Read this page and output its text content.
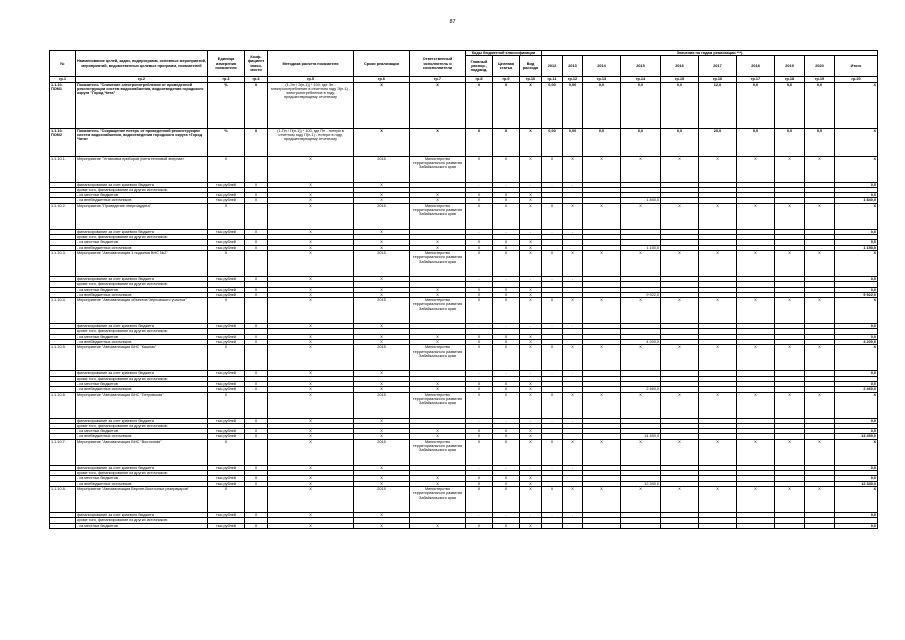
87
№	Наименование целей, задач, подпрограмм, основных мероприятий, мероприятий, ведомственных целевых программ, показателей	Единица измерения показателя	Коэф-фициент значи-мости	Методика расчета показателя	Сроки реализации	Ответственный исполнитель и соисполнители	Коды бюджетной классификации			Значения по годам реализации ***)									
							Главный распор., подразд.	Целевая статья	Вид расхода	2012	2013	2014	2015	2016	2017	2018	2019	2020	Итого
гр.1	гр.2	гр.3	гр.4	гр.5	гр.6	гр.7	гр.8	гр.9	гр.10	гр.11	гр.12	гр.13	гр.14	гр.15	гр.16	гр.17	гр.18	гр.19	гр.20
1.1.10. ПОМ1	Показатель "Снижение электропотребления от проведенной реконструкции систем водоснабжения, водоотведения городского округа "Город Чита"	%	Х	(1-Эп / Э(п-1)) * 100, где Эп - электропотребление в отчетном году Э(п-1) - электропотребление в году, предшествующему отчетному	Х	Х	Х	Х	Х	0,00	0,00	0,0	0,0	0,0	12,0	0,0	0,0	0,0	Х
1.1.10. ПОМ2	Показатель "Сокращение потерь от проведенной реконструкции систем водоснабжения, водоотведения городского округа «Город Чита»	%	Х	(1-Пп / П(п-1)) * 100, где Пп - потери в отчетном году П(п-1) - потери в году, предшествующему отчетному	Х	Х	Х	Х	Х	0,00	0,00	0,0	0,0	0,0	20,0	0,0	0,0	0,0	Х
1.1.10.1.	Мероприятие "Установка приборов учета тепловой энергии»	Х		Х	2015	Министерство территориального развития Забайкальского края	Х	Х	Х	Х	Х	Х	Х	Х	Х	Х	Х	Х	Х
	финансирование за счет краевого бюджета	тыс.рублей	Х	Х	Х		-	-	-	-	-								0,0
	кроме того, финансирование из других источников:																		
	- из местных бюджетов	тыс.рублей	Х	Х	Х	Х	Х	Х	Х										0,0
	- из внебюджетных источников	тыс.рублей	Х	Х	Х	Х	Х	Х	Х				1 840,0						1 840,0
1.1.10.2.	Мероприятие "Проведение энергоаудита"	Х		Х	2015	Министерство территориального развития Забайкальского края	Х	Х	Х	Х	Х	Х	Х	Х	Х	Х	Х	Х	Х
	финансирование за счет краевого бюджета	тыс.рублей	Х	Х	Х		-	-	-	-	-								0,0
	кроме того, финансирование из других источников:																		
	- из местных бюджетов	тыс.рублей	Х	Х	Х	Х	Х	Х	Х										0,0
	- из внебюджетных источников	тыс.рублей	Х	Х	Х	Х	Х	Х	Х				1 150,0						1 150,0
1.1.10.3.	Мероприятие "Автоматизация 1 подъема ВНС №2"	Х		Х	2015	Министерство территориального развития Забайкальского края	Х	Х	Х	Х	Х	Х	Х	Х	Х	Х	Х	Х	Х
	финансирование за счет краевого бюджета	тыс.рублей	Х	Х	Х		-	-	-	-	-								0,0
	кроме того, финансирование из других источников:																		
	- из местных бюджетов	тыс.рублей	Х	Х	Х	Х	Х	Х	Х										0,0
	- из внебюджетных источников	тыс.рублей	Х	Х	Х	Х	Х	Х	Х				9 922,0						9 922,0
1.1.10.4.	Мероприятие "Автоматизация объектов Черновского участка"	Х		Х	2015	Министерство территориального развития Забайкальского края	Х	Х	Х	Х	Х	Х	Х	Х	Х	Х	Х	Х	Х
	финансирование за счет краевого бюджета	тыс.рублей	Х	Х	Х		-	-	-	-	-								0,0
	кроме того, финансирование из других источников:																		
	- из местных бюджетов	тыс.рублей	Х	Х	Х	Х	Х	Х	Х										0,0
	- из внебюджетных источников	тыс.рублей	Х	Х	Х	Х	Х	Х	Х				4 200,0						4 200,0
1.1.10.5.	Мероприятие "Автоматизация ВНС "Кашпак"	Х		Х	2015	Министерство территориального развития Забайкальского края	Х	Х	Х	Х	Х	Х	Х	Х	Х	Х	Х	Х	Х
	финансирование за счет краевого бюджета	тыс.рублей	Х	Х	Х		-	-	-	-	-								0,0
	кроме того, финансирование из других источников:																		
	- из местных бюджетов	тыс.рублей	Х	Х	Х	Х	Х	Х	Х										0,0
	- из внебюджетных источников	тыс.рублей	Х	Х	Х	Х	Х	Х	Х				2 460,0						2 460,0
1.1.10.6.	Мероприятие "Автоматизация ВНС "Петровская"	Х		Х	2015	Министерство территориального развития Забайкальского края	Х	Х	Х	Х	Х	Х	Х	Х	Х	Х	Х	Х	Х
	финансирование за счет краевого бюджета	тыс.рублей	Х	Х	Х		-	-	-	-	-								0,0
	кроме того, финансирование из других источников:																		
	- из местных бюджетов	тыс.рублей	Х	Х	Х	Х	Х	Х	Х										0,0
	- из внебюджетных источников	тыс.рублей	Х	Х	Х	Х	Х	Х	Х				14 450,0						14 450,0
1.1.10.7.	Мероприятие "Автоматизация ВНС "Восточная"	Х		Х	2015	Министерство территориального развития Забайкальского края	Х	Х	Х	Х	Х	Х	Х	Х	Х	Х	Х	Х	Х
	финансирование за счет краевого бюджета	тыс.рублей	Х	Х	Х		-	-	-	-	-								0,0
	кроме того, финансирование из других источников:																		
	- из местных бюджетов	тыс.рублей	Х	Х	Х	Х	Х	Х	Х										0,0
	- из внебюджетных источников	тыс.рублей	Х	Х	Х	Х	Х	Х	Х				12 340,0						12 340,0
1.1.10.8.	Мероприятие "Автоматизация Верхне-Восточных резервуаров"	Х		Х	2015	Министерство территориального развития Забайкальского края	Х	Х	Х	Х	Х	Х	Х	Х	Х	Х	Х	Х	Х
	финансирование за счет краевого бюджета	тыс.рублей	Х	Х	Х		-	-	-	-	-								0,0
	кроме того, финансирование из других источников:																		
	- из местных бюджетов	тыс.рублей	Х	Х	Х	Х	Х	Х	Х										0,0
